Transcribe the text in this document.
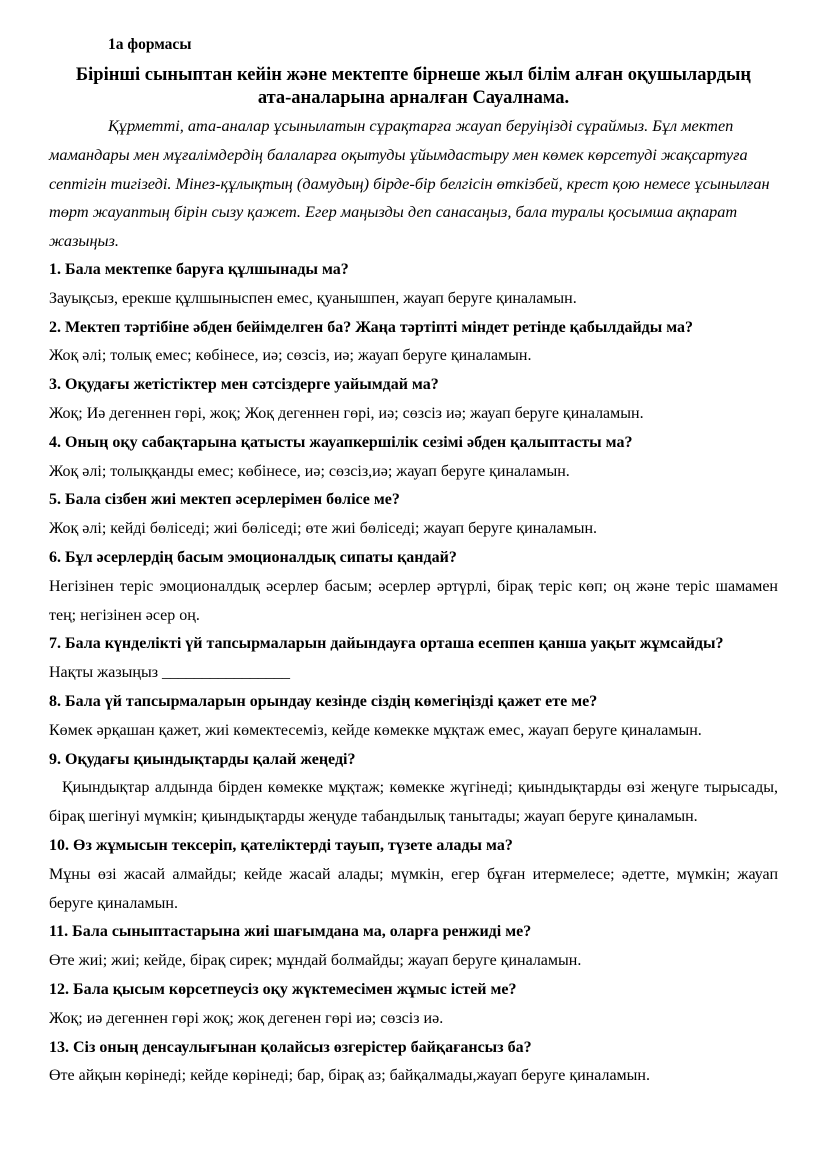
1а формасы
Бірінші сыныптан кейін және мектепте бірнеше жыл білім алған оқушылардың
ата-аналарына арналған Сауалнама.

Құрметті, ата-аналар ұсынылатын сұрақтарға жауап беруіңізді сұраймыз. Бұл мектеп мамандары мен мұғалімдердің балаларға оқытуды ұйымдастыру мен көмек көрсетуді жақсартуға септігін тигізеді. Мінез-құлықтың (дамудың) бірде-бір белгісін өткізбей, крест қою немесе ұсынылған төрт жауаптың бірін сызу қажет. Егер маңызды деп санасаңыз, бала туралы қосымша ақпарат жазыңыз.

1. Бала мектепке баруға құлшынады ма?

Зауықсыз, ерекше құлшыныспен емес, қуанышпен, жауап беруге қиналамын.

2. Мектеп тәртібіне әбден бейімделген ба? Жаңа тәртіпті міндет ретінде қабылдайды ма?

Жоқ әлі; толық емес; көбінесе, иә; сөзсіз, иә; жауап беруге қиналамын.

3. Оқудағы жетістіктер мен сәтсіздерге уайымдай ма?

Жоқ; Иә дегеннен гөрі, жоқ; Жоқ дегеннен гөрі, иә; сөзсіз иә; жауап беруге қиналамын.

4. Оның оқу сабақтарына қатысты жауапкершілік сезімі әбден қалыптасты ма?

Жоқ әлі; толыққанды емес; көбінесе, иә; сөзсіз,иә; жауап беруге қиналамын.

5. Бала сізбен жиі мектеп әсерлерімен бөлісе ме?

Жоқ әлі; кейді бөліседі; жиі бөліседі; өте жиі бөліседі; жауап беруге қиналамын.

6. Бұл әсерлердің басым эмоционалдық сипаты қандай?

Негізінен теріс эмоционалдық әсерлер басым; әсерлер әртүрлі, бірақ теріс көп; оң және теріс шамамен тең; негізінен әсер оң.

7. Бала күнделікті үй тапсырмаларын дайындауға орташа есеппен қанша уақыт жұмсайды?

Нақты жазыңыз ________________

8. Бала үй тапсырмаларын орындау кезінде сіздің көмегіңізді қажет ете ме?

Көмек әрқашан қажет, жиі көмектесеміз, кейде көмекке мұқтаж емес, жауап беруге қиналамын.

9. Оқудағы қиындықтарды қалай жеңеді?

Қиындықтар алдында бірден көмекке мұқтаж; көмекке жүгінеді; қиындықтарды өзі жеңуге тырысады, бірақ шегінуі мүмкін; қиындықтарды жеңуде табандылық танытады; жауап беруге қиналамын.

10. Өз жұмысын тексеріп, қателіктерді тауып, түзете алады ма?

Мұны өзі жасай алмайды; кейде жасай алады; мүмкін, егер бұған итермелесе; әдетте, мүмкін; жауап беруге қиналамын.

11. Бала сыныптастарына жиі шағымдана ма, оларға ренжиді ме?

Өте жиі; жиі; кейде, бірақ сирек; мұндай болмайды; жауап беруге қиналамын.

12. Бала қысым көрсетпеусіз оқу жүктемесімен жұмыс істей ме?

Жоқ; иә дегеннен гөрі жоқ; жоқ дегенен гөрі иә; сөзсіз иә.

13. Сіз оның денсаулығынан қолайсыз өзгерістер байқағансыз ба?

Өте айқын көрінеді; кейде көрінеді; бар, бірақ аз; байқалмады,жауап беруге қиналамын.
